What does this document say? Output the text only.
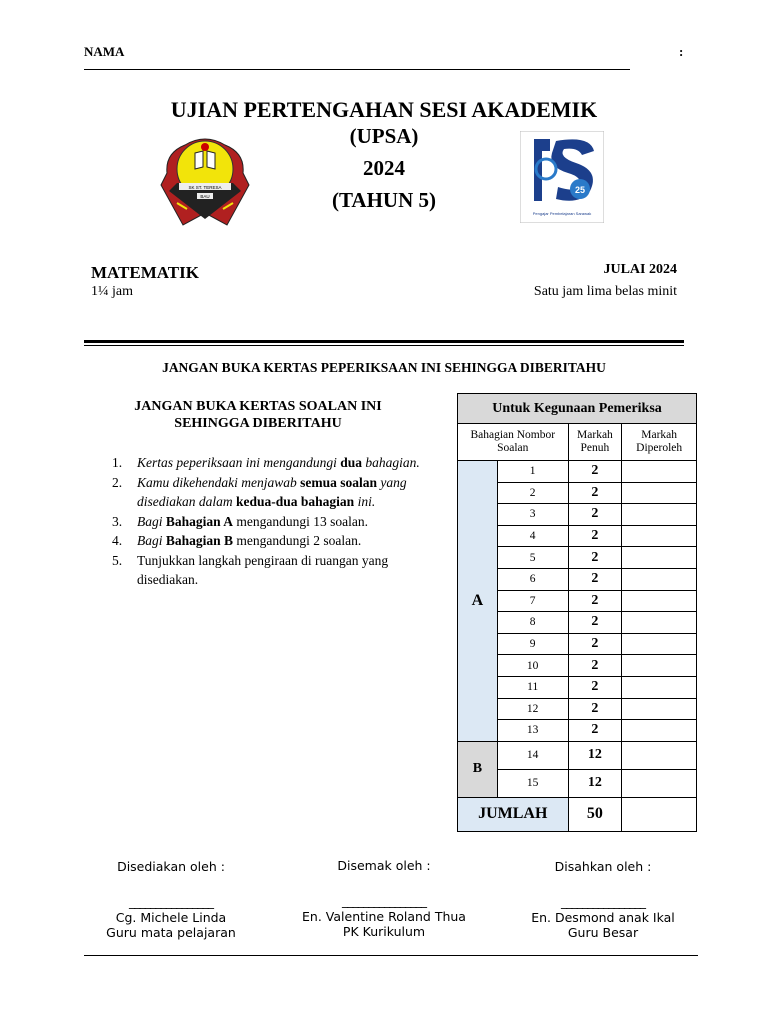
NAMA	:
UJIAN PERTENGAHAN SESI AKADEMIK
(UPSA)
2024
(TAHUN 5)
SK ST. TERESA
BAU
25
Pengajar Pembelajaran Sarawak
MATEMATIK
1¼ jam
JULAI 2024
Satu jam lima belas minit
JANGAN BUKA KERTAS PEPERIKSAAN INI SEHINGGA DIBERITAHU
JANGAN BUKA KERTAS SOALAN INI
SEHINGGA DIBERITAHU
1.	Kertas peperiksaan ini mengandungi dua bahagian.
2.	Kamu dikehendaki menjawab semua soalan yang disediakan dalam kedua-dua bahagian ini.
3.	Bagi Bahagian A mengandungi 13 soalan.
4.	Bagi Bahagian B mengandungi 2 soalan.
5.	Tunjukkan langkah pengiraan di ruangan yang disediakan.
Untuk Kegunaan Pemeriksa			
Bahagian Nombor Soalan		Markah Penuh	Markah Diperoleh
A	1	2	
	2	2	
	3	2	
	4	2	
	5	2	
	6	2	
	7	2	
	8	2	
	9	2	
	10	2	
	11	2	
	12	2	
	13	2	
B	14	12	
	15	12	
JUMLAH		50	
Disediakan oleh :
________________
Cg. Michele Linda
Guru mata pelajaran
Disemak oleh :
________________
En. Valentine Roland Thua
PK Kurikulum
Disahkan oleh :
________________
En. Desmond anak Ikal
Guru Besar
